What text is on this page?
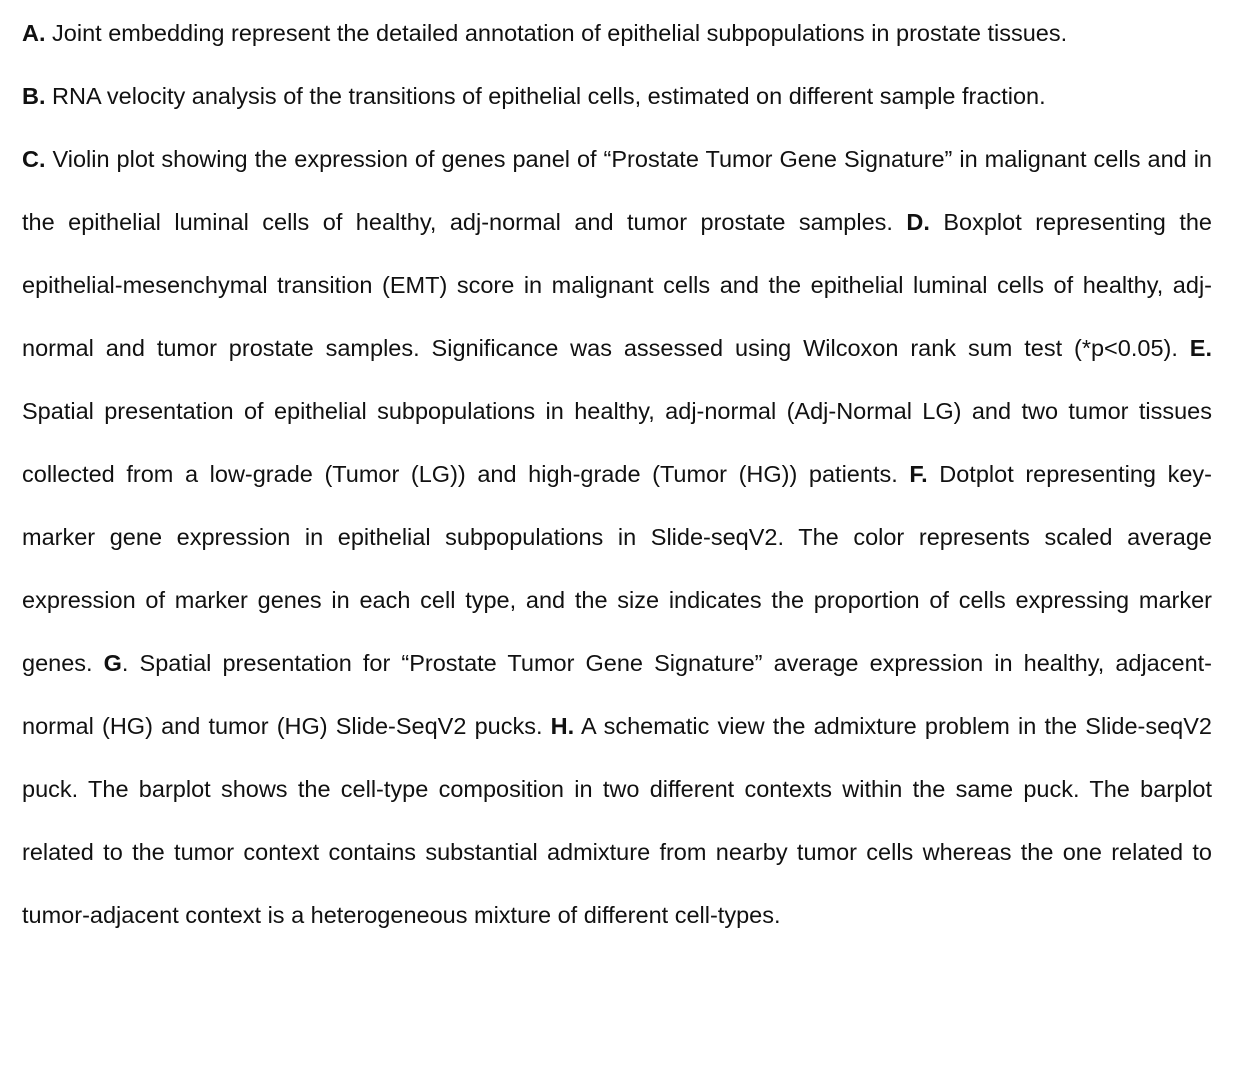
A. Joint embedding represent the detailed annotation of epithelial subpopulations in prostate tissues.
B. RNA velocity analysis of the transitions of epithelial cells, estimated on different sample fraction.
C. Violin plot showing the expression of genes panel of “Prostate Tumor Gene Signature” in malignant cells and in the epithelial luminal cells of healthy, adj-normal and tumor prostate samples. D. Boxplot representing the epithelial-mesenchymal transition (EMT) score in malignant cells and the epithelial luminal cells of healthy, adj-normal and tumor prostate samples. Significance was assessed using Wilcoxon rank sum test (*p<0.05). E. Spatial presentation of epithelial subpopulations in healthy, adj-normal (Adj-Normal LG) and two tumor tissues collected from a low-grade (Tumor (LG)) and high-grade (Tumor (HG)) patients. F. Dotplot representing key-marker gene expression in epithelial subpopulations in Slide-seqV2. The color represents scaled average expression of marker genes in each cell type, and the size indicates the proportion of cells expressing marker genes. G. Spatial presentation for “Prostate Tumor Gene Signature” average expression in healthy, adjacent-normal (HG) and tumor (HG) Slide-SeqV2 pucks. H. A schematic view the admixture problem in the Slide-seqV2 puck. The barplot shows the cell-type composition in two different contexts within the same puck. The barplot related to the tumor context contains substantial admixture from nearby tumor cells whereas the one related to tumor-adjacent context is a heterogeneous mixture of different cell-types.
